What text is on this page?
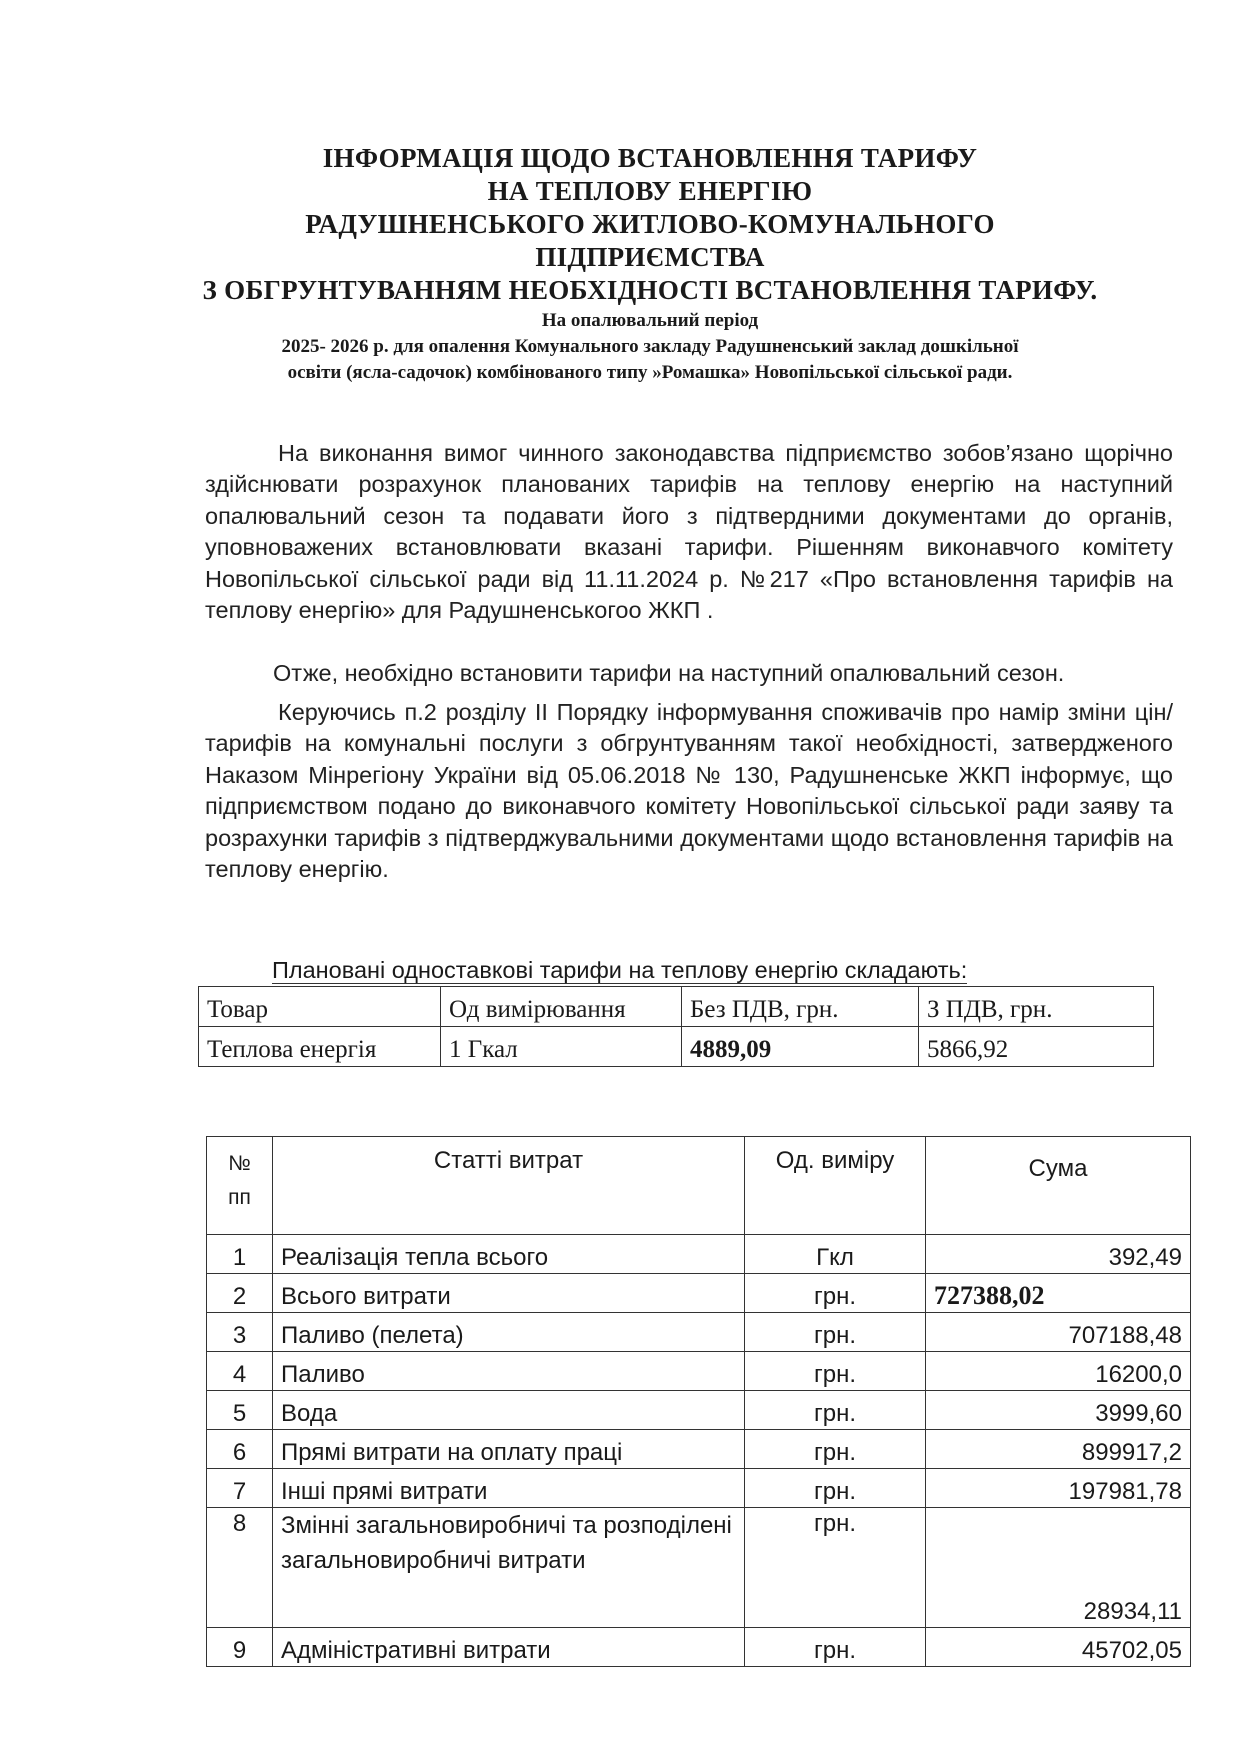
ІНФОРМАЦІЯ ЩОДО ВСТАНОВЛЕННЯ ТАРИФУ
НА ТЕПЛОВУ ЕНЕРГІЮ
РАДУШНЕНСЬКОГО ЖИТЛОВО-КОМУНАЛЬНОГО
ПІДПРИЄМСТВА
З ОБГРУНТУВАННЯМ НЕОБХІДНОСТІ ВСТАНОВЛЕННЯ ТАРИФУ.
На опалювальний період
2025- 2026 р. для опалення Комунального закладу Радушненський заклад дошкільної
освіти (ясла-садочок) комбінованого типу »Ромашка» Новопільської сільської ради.
На виконання вимог чинного законодавства підприємство зобов’язано щорічно здійснювати розрахунок планованих тарифів на теплову енергію на наступний опалювальний сезон та подавати його з підтвердними документами до органів, уповноважених встановлювати вказані тарифи. Рішенням виконавчого комітету Новопільської сільської ради від 11.11.2024 р. №217 «Про встановлення тарифів на теплову енергію» для Радушненськогоо ЖКП .
Отже, необхідно встановити тарифи на наступний опалювальний сезон.
Керуючись п.2 розділу ІІ Порядку інформування споживачів про намір зміни цін/тарифів на комунальні послуги з обгрунтуванням такої необхідності, затвердженого Наказом Мінрегіону України від 05.06.2018 № 130, Радушненське ЖКП інформує, що підприємством подано до виконавчого комітету Новопільської сільської ради заяву та розрахунки тарифів з підтверджувальними документами щодо встановлення тарифів на теплову енергію.
Плановані одноставкові тарифи на теплову енергію складають:
Товар	Од вимірювання	Без ПДВ, грн.	З ПДВ, грн.
Теплова енергія	1 Гкал	4889,09	5866,92
№
пп	Статті витрат	Од. виміру	Сума
1	Реалізація тепла всього	Гкл	392,49
2	Всього витрати	грн.	727388,02
3	Паливо (пелета)	грн.	707188,48
4	Паливо	грн.	16200,0
5	Вода	грн.	3999,60
6	Прямі витрати на оплату праці	грн.	899917,2
7	Інші прямі витрати	грн.	197981,78
8	Змінні загальновиробничі та розподілені загальновиробничі витрати	грн.	28934,11
9	Адміністративні витрати	грн.	45702,05
